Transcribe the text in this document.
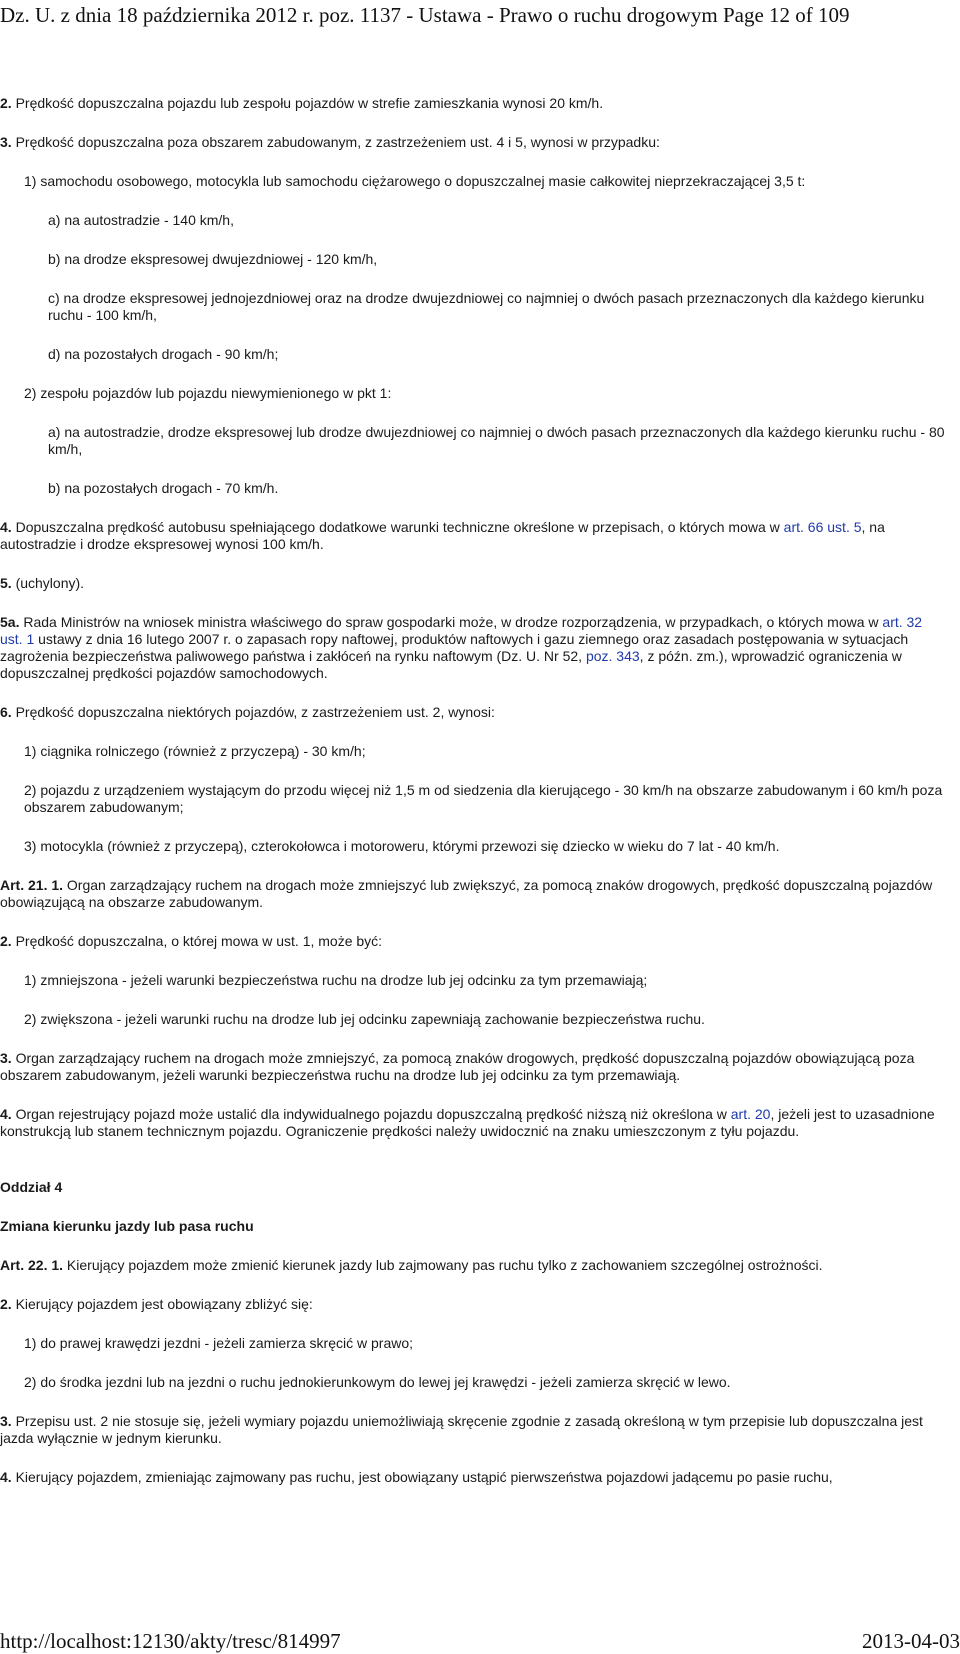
Dz. U. z dnia 18 października 2012 r. poz. 1137 - Ustawa - Prawo o ruchu drogowym Page 12 of 109

2. Prędkość dopuszczalna pojazdu lub zespołu pojazdów w strefie zamieszkania wynosi 20 km/h.

3. Prędkość dopuszczalna poza obszarem zabudowanym, z zastrzeżeniem ust. 4 i 5, wynosi w przypadku:

1) samochodu osobowego, motocykla lub samochodu ciężarowego o dopuszczalnej masie całkowitej nieprzekraczającej 3,5 t:

a) na autostradzie - 140 km/h,

b) na drodze ekspresowej dwujezdniowej - 120 km/h,

c) na drodze ekspresowej jednojezdniowej oraz na drodze dwujezdniowej co najmniej o dwóch pasach przeznaczonych dla każdego kierunku ruchu - 100 km/h,

d) na pozostałych drogach - 90 km/h;

2) zespołu pojazdów lub pojazdu niewymienionego w pkt 1:

a) na autostradzie, drodze ekspresowej lub drodze dwujezdniowej co najmniej o dwóch pasach przeznaczonych dla każdego kierunku ruchu - 80 km/h,

b) na pozostałych drogach - 70 km/h.

4. Dopuszczalna prędkość autobusu spełniającego dodatkowe warunki techniczne określone w przepisach, o których mowa w art. 66 ust. 5, na autostradzie i drodze ekspresowej wynosi 100 km/h.

5. (uchylony).

5a. Rada Ministrów na wniosek ministra właściwego do spraw gospodarki może, w drodze rozporządzenia, w przypadkach, o których mowa w art. 32 ust. 1 ustawy z dnia 16 lutego 2007 r. o zapasach ropy naftowej, produktów naftowych i gazu ziemnego oraz zasadach postępowania w sytuacjach zagrożenia bezpieczeństwa paliwowego państwa i zakłóceń na rynku naftowym (Dz. U. Nr 52, poz. 343, z późn. zm.), wprowadzić ograniczenia w dopuszczalnej prędkości pojazdów samochodowych.

6. Prędkość dopuszczalna niektórych pojazdów, z zastrzeżeniem ust. 2, wynosi:

1) ciągnika rolniczego (również z przyczepą) - 30 km/h;

2) pojazdu z urządzeniem wystającym do przodu więcej niż 1,5 m od siedzenia dla kierującego - 30 km/h na obszarze zabudowanym i 60 km/h poza obszarem zabudowanym;

3) motocykla (również z przyczepą), czterokołowca i motoroweru, którymi przewozi się dziecko w wieku do 7 lat - 40 km/h.

Art. 21. 1. Organ zarządzający ruchem na drogach może zmniejszyć lub zwiększyć, za pomocą znaków drogowych, prędkość dopuszczalną pojazdów obowiązującą na obszarze zabudowanym.

2. Prędkość dopuszczalna, o której mowa w ust. 1, może być:

1) zmniejszona - jeżeli warunki bezpieczeństwa ruchu na drodze lub jej odcinku za tym przemawiają;

2) zwiększona - jeżeli warunki ruchu na drodze lub jej odcinku zapewniają zachowanie bezpieczeństwa ruchu.

3. Organ zarządzający ruchem na drogach może zmniejszyć, za pomocą znaków drogowych, prędkość dopuszczalną pojazdów obowiązującą poza obszarem zabudowanym, jeżeli warunki bezpieczeństwa ruchu na drodze lub jej odcinku za tym przemawiają.

4. Organ rejestrujący pojazd może ustalić dla indywidualnego pojazdu dopuszczalną prędkość niższą niż określona w art. 20, jeżeli jest to uzasadnione konstrukcją lub stanem technicznym pojazdu. Ograniczenie prędkości należy uwidocznić na znaku umieszczonym z tyłu pojazdu.

Oddział 4

Zmiana kierunku jazdy lub pasa ruchu

Art. 22. 1. Kierujący pojazdem może zmienić kierunek jazdy lub zajmowany pas ruchu tylko z zachowaniem szczególnej ostrożności.

2. Kierujący pojazdem jest obowiązany zbliżyć się:

1) do prawej krawędzi jezdni - jeżeli zamierza skręcić w prawo;

2) do środka jezdni lub na jezdni o ruchu jednokierunkowym do lewej jej krawędzi - jeżeli zamierza skręcić w lewo.

3. Przepisu ust. 2 nie stosuje się, jeżeli wymiary pojazdu uniemożliwiają skręcenie zgodnie z zasadą określoną w tym przepisie lub dopuszczalna jest jazda wyłącznie w jednym kierunku.

4. Kierujący pojazdem, zmieniając zajmowany pas ruchu, jest obowiązany ustąpić pierwszeństwa pojazdowi jadącemu po pasie ruchu,

http://localhost:12130/akty/tresc/814997	2013-04-03
